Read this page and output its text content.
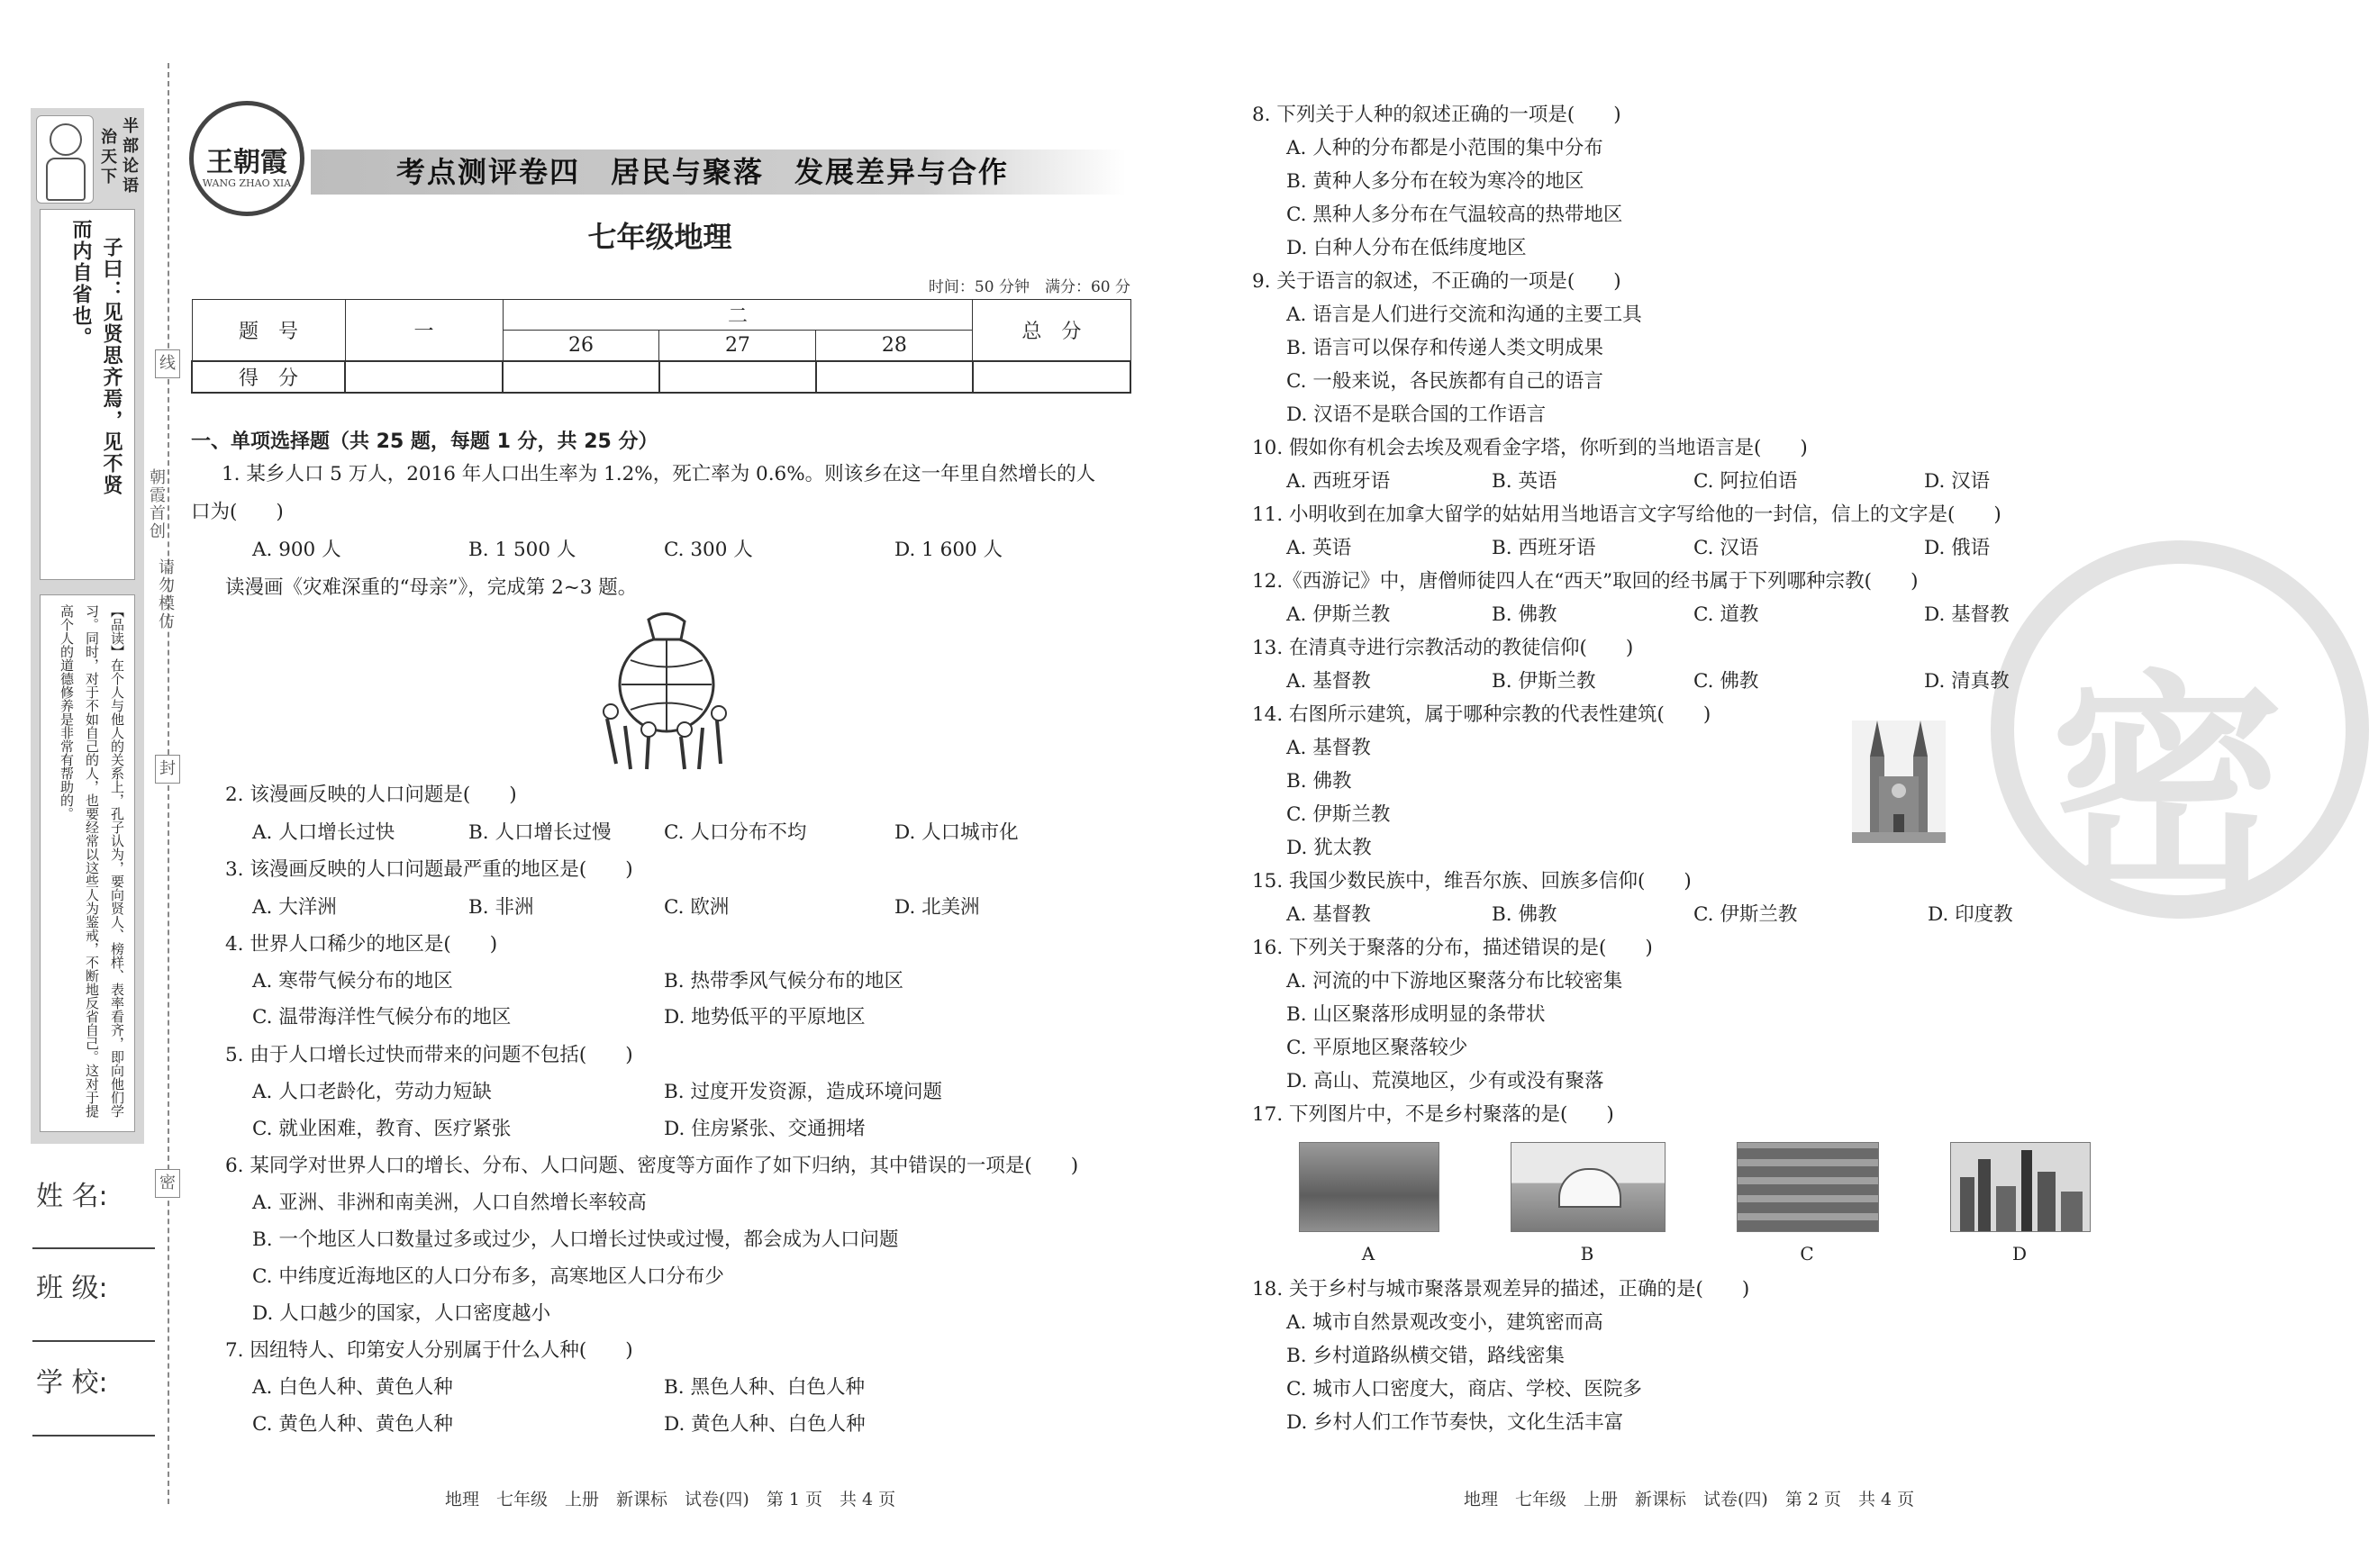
半部论语
治天下
子曰：见贤思齐焉，见不贤
而内自省也。
【品读】在个人与他人的关系上，孔子认为，要向贤人、榜样、表率看齐，即向他们学
习。同时，对于不如自己的人，也要经常以这些人为鉴戒，不断地反省自己。这对于提
高个人的道德修养是非常有帮助的。
姓 名:
班 级:
学 校:
线
封
密
朝霞首创
请勿模仿
考点测评卷四　居民与聚落　发展差异与合作
王朝霞
WANG ZHAO XIA
七年级地理
时间：50 分钟　满分：60 分
题　号	一	二			总　分
		26	27	28	
得　分					
一、单项选择题（共 25 题，每题 1 分，共 25 分）
1. 某乡人口 5 万人，2016 年人口出生率为 1.2%，死亡率为 0.6%。则该乡在这一年里自然增长的人
口为(　　)
A. 900 人	B. 1 500 人	C. 300 人	D. 1 600 人
读漫画《灾难深重的“母亲”》，完成第 2~3 题。
2. 该漫画反映的人口问题是(　　)
A. 人口增长过快	B. 人口增长过慢	C. 人口分布不均	D. 人口城市化
3. 该漫画反映的人口问题最严重的地区是(　　)
A. 大洋洲	B. 非洲	C. 欧洲	D. 北美洲
4. 世界人口稀少的地区是(　　)
A. 寒带气候分布的地区	B. 热带季风气候分布的地区
C. 温带海洋性气候分布的地区	D. 地势低平的平原地区
5. 由于人口增长过快而带来的问题不包括(　　)
A. 人口老龄化，劳动力短缺	B. 过度开发资源，造成环境问题
C. 就业困难，教育、医疗紧张	D. 住房紧张、交通拥堵
6. 某同学对世界人口的增长、分布、人口问题、密度等方面作了如下归纳，其中错误的一项是(　　)
A. 亚洲、非洲和南美洲，人口自然增长率较高
B. 一个地区人口数量过多或过少，人口增长过快或过慢，都会成为人口问题
C. 中纬度近海地区的人口分布多，高寒地区人口分布少
D. 人口越少的国家，人口密度越小
7. 因纽特人、印第安人分别属于什么人种(　　)
A. 白色人种、黄色人种	B. 黑色人种、白色人种
C. 黄色人种、黄色人种	D. 黄色人种、白色人种
地理　七年级　上册　新课标　试卷(四)　第 1 页　共 4 页
密
8. 下列关于人种的叙述正确的一项是(　　)
A. 人种的分布都是小范围的集中分布
B. 黄种人多分布在较为寒冷的地区
C. 黑种人多分布在气温较高的热带地区
D. 白种人分布在低纬度地区
9. 关于语言的叙述，不正确的一项是(　　)
A. 语言是人们进行交流和沟通的主要工具
B. 语言可以保存和传递人类文明成果
C. 一般来说，各民族都有自己的语言
D. 汉语不是联合国的工作语言
10. 假如你有机会去埃及观看金字塔，你听到的当地语言是(　　)
A. 西班牙语	B. 英语	C. 阿拉伯语	D. 汉语
11. 小明收到在加拿大留学的姑姑用当地语言文字写给他的一封信，信上的文字是(　　)
A. 英语	B. 西班牙语	C. 汉语	D. 俄语
12.《西游记》中，唐僧师徒四人在“西天”取回的经书属于下列哪种宗教(　　)
A. 伊斯兰教	B. 佛教	C. 道教	D. 基督教
13. 在清真寺进行宗教活动的教徒信仰(　　)
A. 基督教	B. 伊斯兰教	C. 佛教	D. 清真教
14. 右图所示建筑，属于哪种宗教的代表性建筑(　　)
A. 基督教
B. 佛教
C. 伊斯兰教
D. 犹太教
15. 我国少数民族中，维吾尔族、回族多信仰(　　)
A. 基督教	B. 佛教	C. 伊斯兰教	D. 印度教
16. 下列关于聚落的分布，描述错误的是(　　)
A. 河流的中下游地区聚落分布比较密集
B. 山区聚落形成明显的条带状
C. 平原地区聚落较少
D. 高山、荒漠地区，少有或没有聚落
17. 下列图片中，不是乡村聚落的是(　　)
A	B	C	D
18. 关于乡村与城市聚落景观差异的描述，正确的是(　　)
A. 城市自然景观改变小，建筑密而高
B. 乡村道路纵横交错，路线密集
C. 城市人口密度大，商店、学校、医院多
D. 乡村人们工作节奏快，文化生活丰富
地理　七年级　上册　新课标　试卷(四)　第 2 页　共 4 页
